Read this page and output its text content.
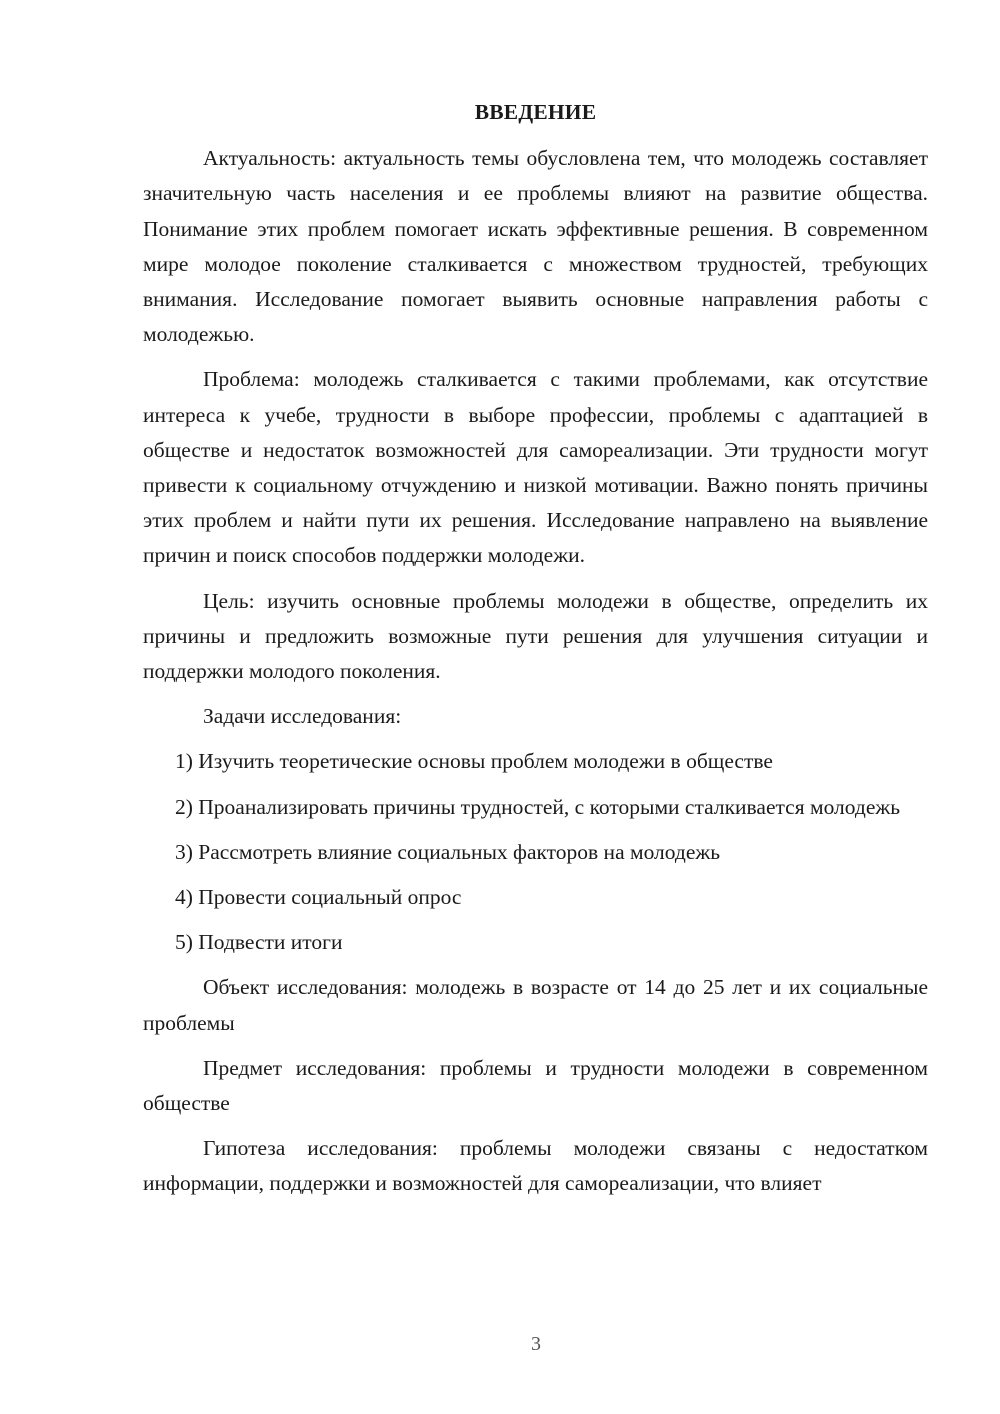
ВВЕДЕНИЕ

Актуальность: актуальность темы обусловлена тем, что молодежь составляет значительную часть населения и ее проблемы влияют на развитие общества. Понимание этих проблем помогает искать эффективные решения. В современном мире молодое поколение сталкивается с множеством трудностей, требующих внимания. Исследование помогает выявить основные направления работы с молодежью.

Проблема: молодежь сталкивается с такими проблемами, как отсутствие интереса к учебе, трудности в выборе профессии, проблемы с адаптацией в обществе и недостаток возможностей для самореализации. Эти трудности могут привести к социальному отчуждению и низкой мотивации. Важно понять причины этих проблем и найти пути их решения. Исследование направлено на выявление причин и поиск способов поддержки молодежи.

Цель: изучить основные проблемы молодежи в обществе, определить их причины и предложить возможные пути решения для улучшения ситуации и поддержки молодого поколения.

Задачи исследования:

1) Изучить теоретические основы проблем молодежи в обществе

2) Проанализировать причины трудностей, с которыми сталкивается молодежь

3) Рассмотреть влияние социальных факторов на молодежь

4) Провести социальный опрос

5) Подвести итоги

Объект исследования: молодежь в возрасте от 14 до 25 лет и их социальные проблемы

Предмет исследования: проблемы и трудности молодежи в современном обществе

Гипотеза исследования: проблемы молодежи связаны с недостатком информации, поддержки и возможностей для самореализации, что влияет

3
